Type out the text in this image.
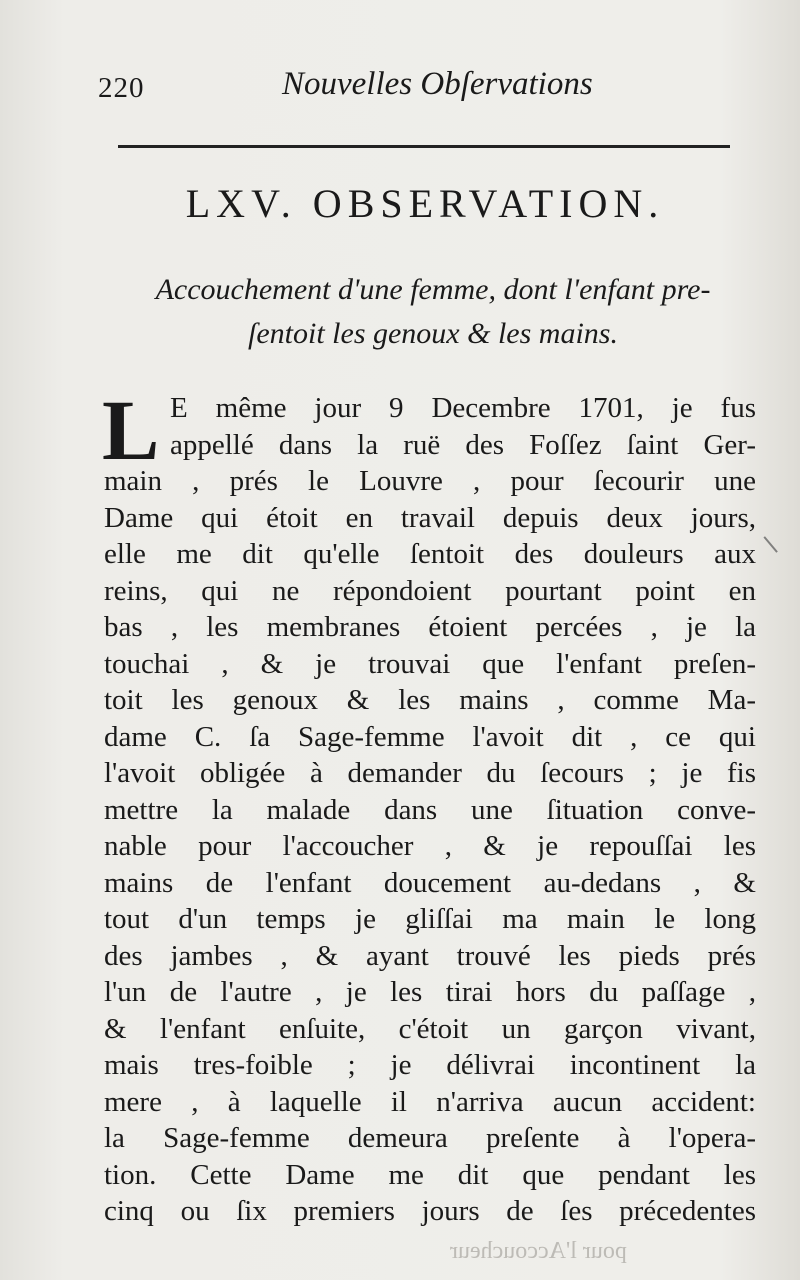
220	Nouvelles Obſervations
LXV. OBSERVATION.
Accouchement d'une femme, dont l'enfant pre-
ſentoit les genoux & les mains.
L E même jour 9 Decembre 1701, je fus
appellé dans la ruë des Foſſez ſaint Ger-
main , prés le Louvre , pour ſecourir une
Dame qui étoit en travail depuis deux jours,
elle me dit qu'elle ſentoit des douleurs aux
reins, qui ne répondoient pourtant point en
bas , les membranes étoient percées , je la
touchai , & je trouvai que l'enfant preſen-
toit les genoux & les mains , comme Ma-
dame C. ſa Sage-femme l'avoit dit , ce qui
l'avoit obligée à demander du ſecours ; je fis
mettre la malade dans une ſituation conve-
nable pour l'accoucher , & je repouſſai les
mains de l'enfant doucement au-dedans , &
tout d'un temps je gliſſai ma main le long
des jambes , & ayant trouvé les pieds prés
l'un de l'autre , je les tirai hors du paſſage ,
& l'enfant enſuite, c'étoit un garçon vivant,
mais tres-foible ; je délivrai incontinent la
mere , à laquelle il n'arriva aucun accident:
la Sage-femme demeura preſente à l'opera-
tion. Cette Dame me dit que pendant les
cinq ou ſix premiers jours de ſes précedentes
pour l'Accoucheur
